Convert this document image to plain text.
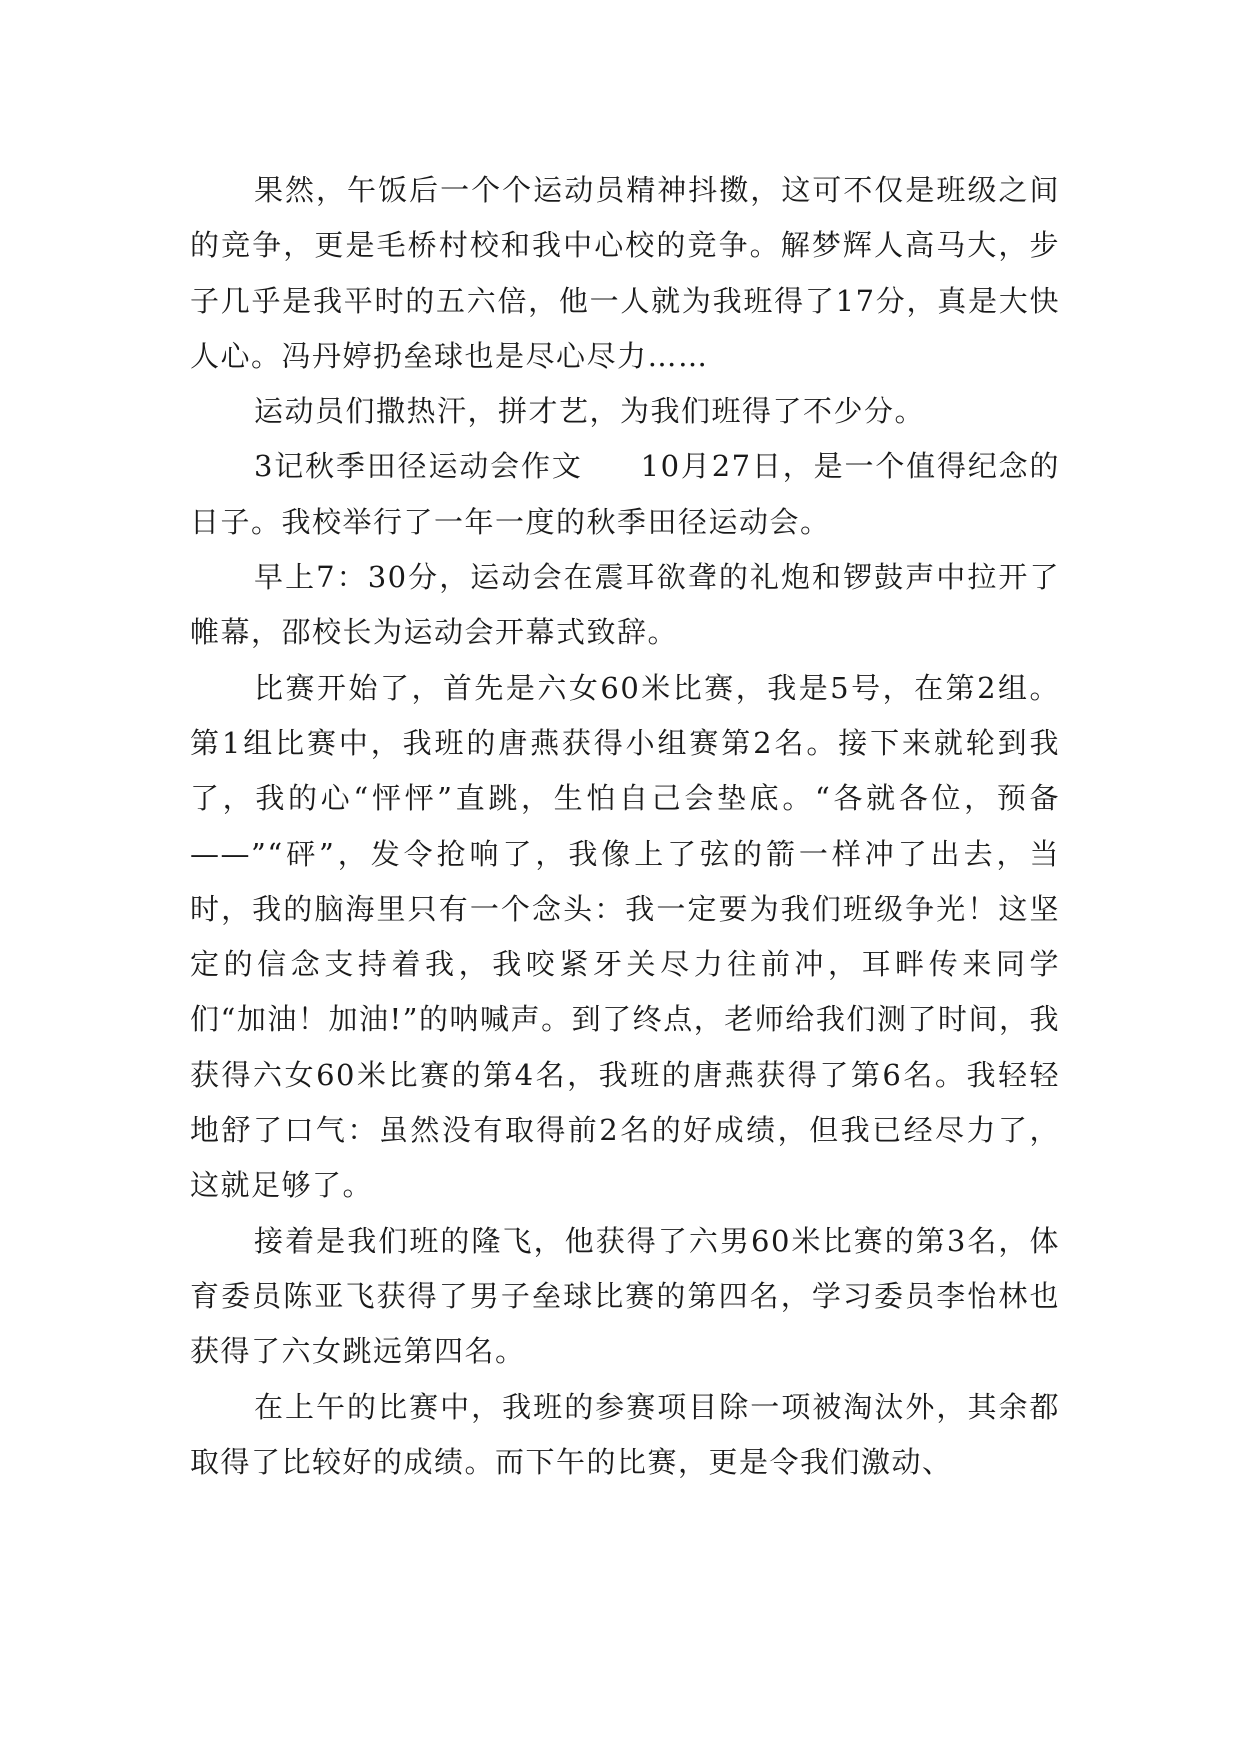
果然，午饭后一个个运动员精神抖擞，这可不仅是班级之间的竞争，更是毛桥村校和我中心校的竞争。解梦辉人高马大，步子几乎是我平时的五六倍，他一人就为我班得了17分，真是大快人心。冯丹婷扔垒球也是尽心尽力……

运动员们撒热汗，拼才艺，为我们班得了不少分。

3记秋季田径运动会作文 10月27日，是一个值得纪念的日子。我校举行了一年一度的秋季田径运动会。

早上7：30分，运动会在震耳欲聋的礼炮和锣鼓声中拉开了帷幕，邵校长为运动会开幕式致辞。

比赛开始了，首先是六女60米比赛，我是5号，在第2组。第1组比赛中，我班的唐燕获得小组赛第2名。接下来就轮到我了，我的心“怦怦”直跳，生怕自己会垫底。“各就各位，预备——”“砰”，发令抢响了，我像上了弦的箭一样冲了出去，当时，我的脑海里只有一个念头：我一定要为我们班级争光！这坚定的信念支持着我，我咬紧牙关尽力往前冲，耳畔传来同学们“加油！加油!”的呐喊声。到了终点，老师给我们测了时间，我获得六女60米比赛的第4名，我班的唐燕获得了第6名。我轻轻地舒了口气：虽然没有取得前2名的好成绩，但我已经尽力了，这就足够了。

接着是我们班的隆飞，他获得了六男60米比赛的第3名，体育委员陈亚飞获得了男子垒球比赛的第四名，学习委员李怡林也获得了六女跳远第四名。

在上午的比赛中，我班的参赛项目除一项被淘汰外，其余都取得了比较好的成绩。而下午的比赛，更是令我们激动、
